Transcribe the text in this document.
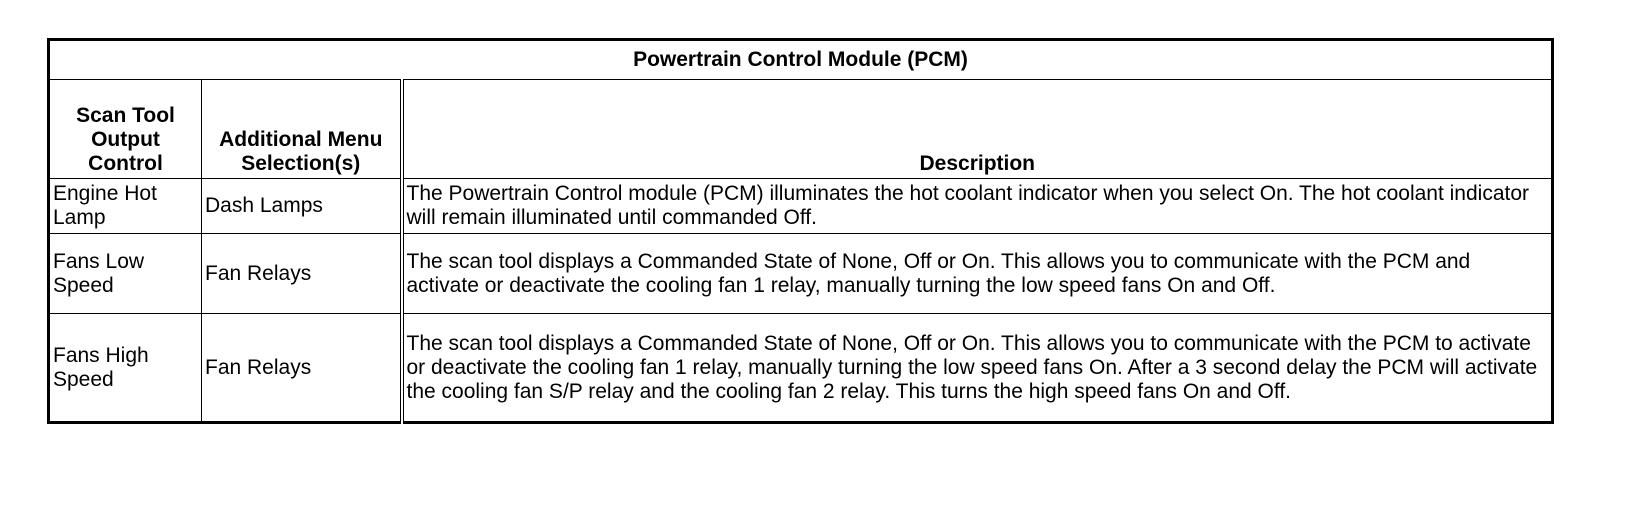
Powertrain Control Module (PCM)		
Scan Tool Output Control	Additional Menu Selection(s)	Description
Engine Hot Lamp	Dash Lamps	The Powertrain Control module (PCM) illuminates the hot coolant indicator when you select On. The hot coolant indicator will remain illuminated until commanded Off.
Fans Low Speed	Fan Relays	The scan tool displays a Commanded State of None, Off or On. This allows you to communicate with the PCM and activate or deactivate the cooling fan 1 relay, manually turning the low speed fans On and Off.
Fans High Speed	Fan Relays	The scan tool displays a Commanded State of None, Off or On. This allows you to communicate with the PCM to activate or deactivate the cooling fan 1 relay, manually turning the low speed fans On. After a 3 second delay the PCM will activate the cooling fan S/P relay and the cooling fan 2 relay. This turns the high speed fans On and Off.
